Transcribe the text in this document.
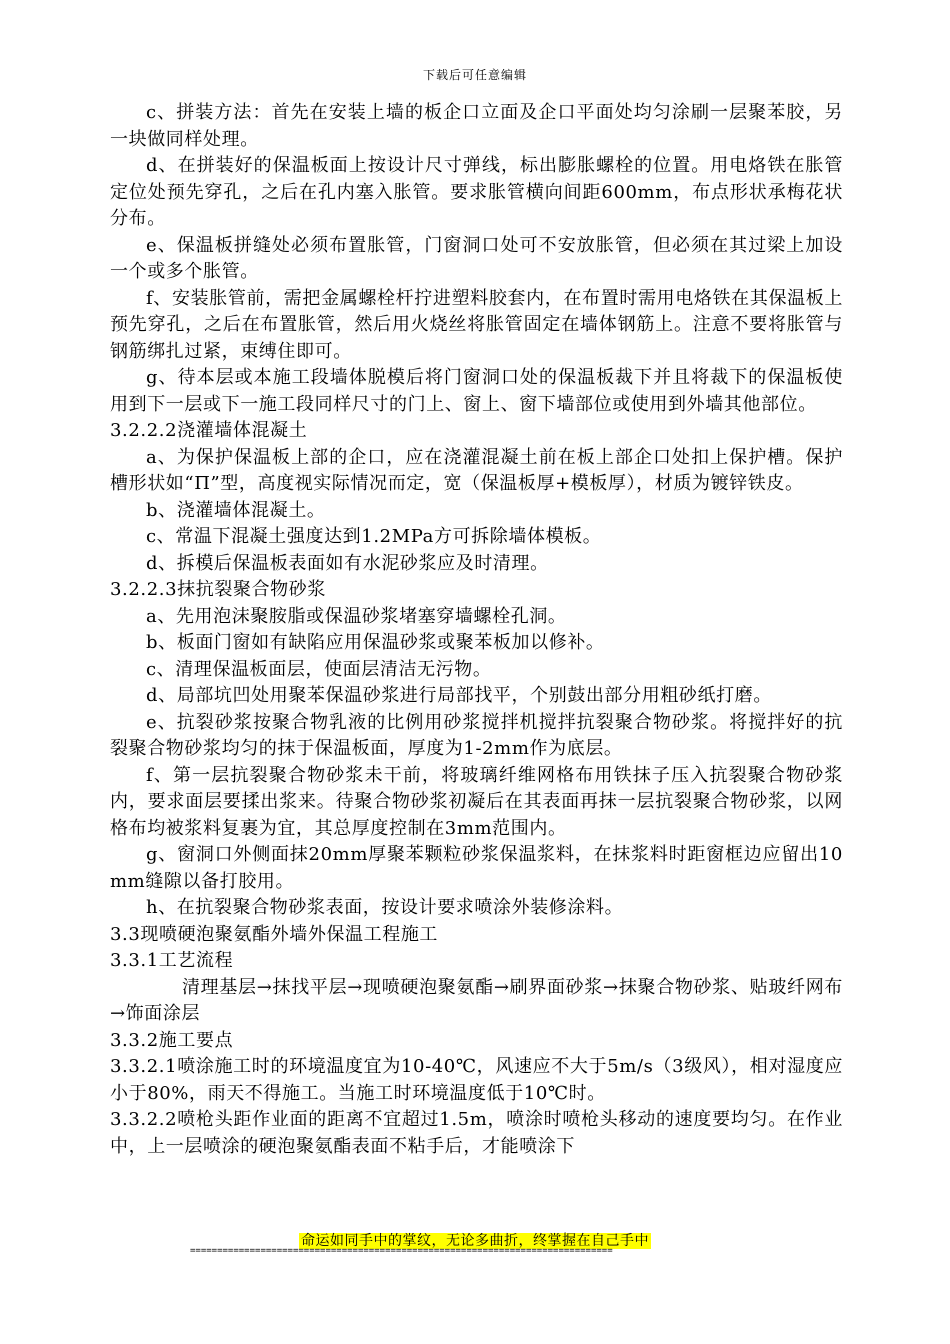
下载后可任意编辑

c、拼装方法：首先在安装上墙的板企口立面及企口平面处均匀涂刷一层聚苯胶，另一块做同样处理。

d、在拼装好的保温板面上按设计尺寸弹线，标出膨胀螺栓的位置。用电烙铁在胀管定位处预先穿孔，之后在孔内塞入胀管。要求胀管横向间距600mm，布点形状承梅花状分布。

e、保温板拼缝处必须布置胀管，门窗洞口处可不安放胀管，但必须在其过梁上加设一个或多个胀管。

f、安装胀管前，需把金属螺栓杆拧进塑料胶套内，在布置时需用电烙铁在其保温板上预先穿孔，之后在布置胀管，然后用火烧丝将胀管固定在墙体钢筋上。注意不要将胀管与钢筋绑扎过紧，束缚住即可。

g、待本层或本施工段墙体脱模后将门窗洞口处的保温板裁下并且将裁下的保温板使用到下一层或下一施工段同样尺寸的门上、窗上、窗下墙部位或使用到外墙其他部位。

3.2.2.2浇灌墙体混凝土

a、为保护保温板上部的企口，应在浇灌混凝土前在板上部企口处扣上保护槽。保护槽形状如“Π”型，高度视实际情况而定，宽（保温板厚+模板厚），材质为镀锌铁皮。

b、浇灌墙体混凝土。

c、常温下混凝土强度达到1.2MPa方可拆除墙体模板。

d、拆模后保温板表面如有水泥砂浆应及时清理。

3.2.2.3抹抗裂聚合物砂浆

a、先用泡沫聚胺脂或保温砂浆堵塞穿墙螺栓孔洞。

b、板面门窗如有缺陷应用保温砂浆或聚苯板加以修补。

c、清理保温板面层，使面层清洁无污物。

d、局部坑凹处用聚苯保温砂浆进行局部找平，个别鼓出部分用粗砂纸打磨。

e、抗裂砂浆按聚合物乳液的比例用砂浆搅拌机搅拌抗裂聚合物砂浆。将搅拌好的抗裂聚合物砂浆均匀的抹于保温板面，厚度为1-2mm作为底层。

f、第一层抗裂聚合物砂浆未干前，将玻璃纤维网格布用铁抹子压入抗裂聚合物砂浆内，要求面层要揉出浆来。待聚合物砂浆初凝后在其表面再抹一层抗裂聚合物砂浆，以网格布均被浆料复裹为宜，其总厚度控制在3mm范围内。

g、窗洞口外侧面抹20mm厚聚苯颗粒砂浆保温浆料，在抹浆料时距窗框边应留出10mm缝隙以备打胶用。

h、在抗裂聚合物砂浆表面，按设计要求喷涂外装修涂料。

3.3现喷硬泡聚氨酯外墙外保温工程施工

3.3.1工艺流程

清理基层→抹找平层→现喷硬泡聚氨酯→刷界面砂浆→抹聚合物砂浆、贴玻纤网布→饰面涂层

3.3.2施工要点

3.3.2.1喷涂施工时的环境温度宜为10-40℃，风速应不大于5m/s（3级风），相对湿度应小于80%，雨天不得施工。当施工时环境温度低于10℃时。

3.3.2.2喷枪头距作业面的距离不宜超过1.5m，喷涂时喷枪头移动的速度要均匀。在作业中，上一层喷涂的硬泡聚氨酯表面不粘手后，才能喷涂下

命运如同手中的掌纹，无论多曲折，终掌握在自己手中
==============================================================================
